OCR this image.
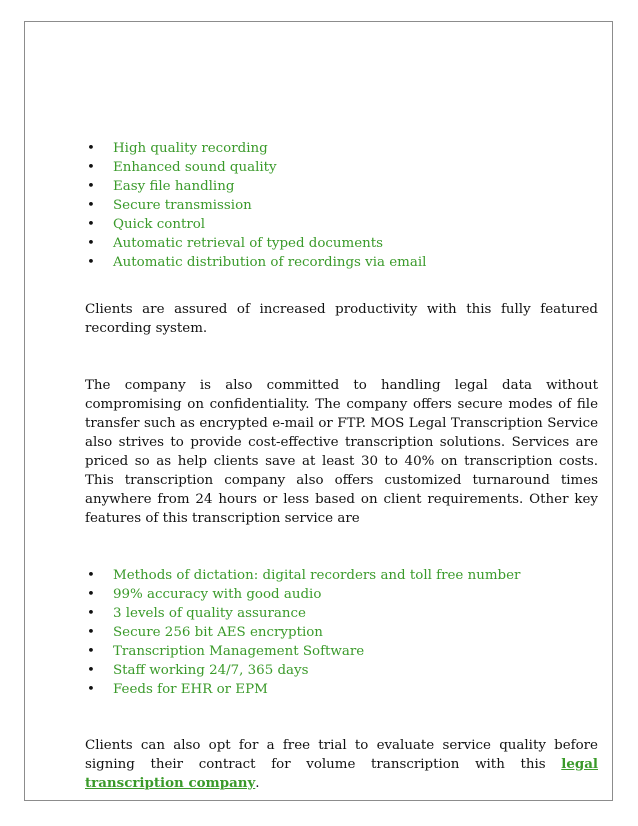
• High quality recording
• Enhanced sound quality
• Easy file handling
• Secure transmission
• Quick control
• Automatic retrieval of typed documents
• Automatic distribution of recordings via email

Clients are assured of increased productivity with this fully featured recording system.

The company is also committed to handling legal data without compromising on confidentiality. The company offers secure modes of file transfer such as encrypted e-mail or FTP. MOS Legal Transcription Service also strives to provide cost-effective transcription solutions. Services are priced so as help clients save at least 30 to 40% on transcription costs. This transcription company also offers customized turnaround times anywhere from 24 hours or less based on client requirements. Other key features of this transcription service are

• Methods of dictation: digital recorders and toll free number
• 99% accuracy with good audio
• 3 levels of quality assurance
• Secure 256 bit AES encryption
• Transcription Management Software
• Staff working 24/7, 365 days
• Feeds for EHR or EPM

Clients can also opt for a free trial to evaluate service quality before signing their contract for volume transcription with this legal transcription company.
